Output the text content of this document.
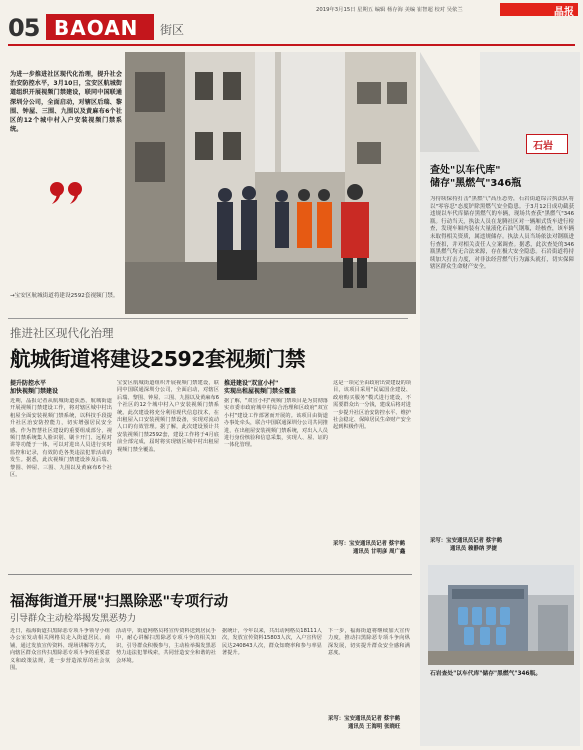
05 BAOAN 街区
2019年3月15日 星期五 编辑 杨存海 美编 崔智超 校对 吴依兰	晶报
为进一步推进社区现代化治理，提升社会治安防控水平，3月10日，宝安区航城街道组织开展视频门禁建设，联同中国联通深圳分公司，全面启动，对辖区后瑞、黎围、钟屋、三围、九围以及黄麻布6个社区的12个城中村入户安装视频门禁系统。
→宝安区航城街道将建设2592套视频门禁。
推进社区现代化治理
航城街道将建设2592套视频门禁
提升防控水平
加快视频门禁建设
近期，晶报记者从航城街道获悉，航城街道开展视频门禁建设工作，将对辖区城中村出租屋全面安装视频门禁系统，以科技手段提升社区治安防控能力，切实增强居民安全感。作为智慧社区建设的重要组成部分，视频门禁系统集人脸识别、刷卡开门、远程对讲等功能于一体，可以对进出人员进行实时监控和记录，有效防范各类违法犯罪活动的发生。据悉，此次视频门禁建设涉及后瑞、黎围、钟屋、三围、九围以及黄麻布6个社区。
宝安区航城街道组织开展视频门禁建设，联同中国联通深圳分公司，全面启动，对辖区后瑞、黎围、钟屋、三围、九围以及黄麻布6个社区的12个城中村入户安装视频门禁系统。此次建设将充分利用现代信息技术，在出租屋入口安装视频门禁设备，实现对流动人口的有效管理。据了解，此次建设预计共安装视频门禁2592套，建设工作将于4月底前全部完成，届时将实现辖区城中村出租屋视频门禁全覆盖。
推进建设"双宣小村"
实现出租屋视频门禁全覆盖
据了解，"双宣小村"视频门禁项目是为贯彻落实市委市政府城中村综合治理和区政府"双宣小村"建设工作部署而开展的。该项目由街道办事处牵头，联合中国联通深圳分公司共同推进，在出租屋安装视频门禁系统，对出入人员进行身份核验和信息采集，实现人、屋、证的一体化管理。
这是一项完全由政府出资建设的项目，该项目采用"民属国企建设、政府购买服务"模式进行建设，不需要群众出一分钱，建成后将对进一步提升社区治安防控水平、维护社会稳定、保障居民生命财产安全起到积极作用。
采写：宝安通讯员记者 蔡宇鹤
通讯员 甘明彦 周广鑫
福海街道开展"扫黑除恶"专项行动
引导群众主动检举揭发黑恶势力
近日，福海街道扫黑除恶专项斗争领导小组办公室发动相关网格员走入街道居民、商铺，通过发放宣传资料、现场讲解等方式，向辖区群众宣传扫黑除恶专项斗争的重要意义和政策法规，进一步营造浓厚的社会氛围。
活动中，街道网格员将宣传资料送到居民手中，耐心讲解扫黑除恶专项斗争的相关知识，引导群众积极参与，主动检举揭发黑恶势力违法犯罪线索，共同营造安全和谐的社会环境。
据统计，今年以来，共出动网格员18111人次，发放宣传资料15803人次，入户宣传居民达240843人次，群众知晓率和参与率显著提升。
下一步，福海街道将继续加大宣传力度，推动扫黑除恶专项斗争向纵深发展，切实提升群众安全感和满意度。
采写：宝安通讯员记者 蔡宇鹤
通讯员 王海明 张晓旺
石岩
查处"以车代库"
储存"黑燃气"346瓶
为持续保持打击"黑燃气"高压态势，石岩街道综合执法队将以"零容忍"态度铲除黑燃气安全隐患。于3月12日成功截获违规以车代库储存黑燃气的车辆，现场共查获"黑燃气"346瓶。行动当天，执法人员在龙腾社区对一辆厢式货车进行检查，发现车厢内装有大量液化石油气钢瓶，经核查，该车辆未取得相关资质，属违规储存。执法人员当场依法对钢瓶进行查扣，并对相关责任人立案调查。据悉，此次查处的346瓶黑燃气均无合法来源，存在极大安全隐患。石岩街道将持续加大打击力度，对非法经营燃气行为露头就打，切实保障辖区群众生命财产安全。
采写：宝安通讯员记者 蔡宇鹤
通讯员 赖静纳 罗捷
石岩查处"以车代库"储存"黑燃气"346瓶。
